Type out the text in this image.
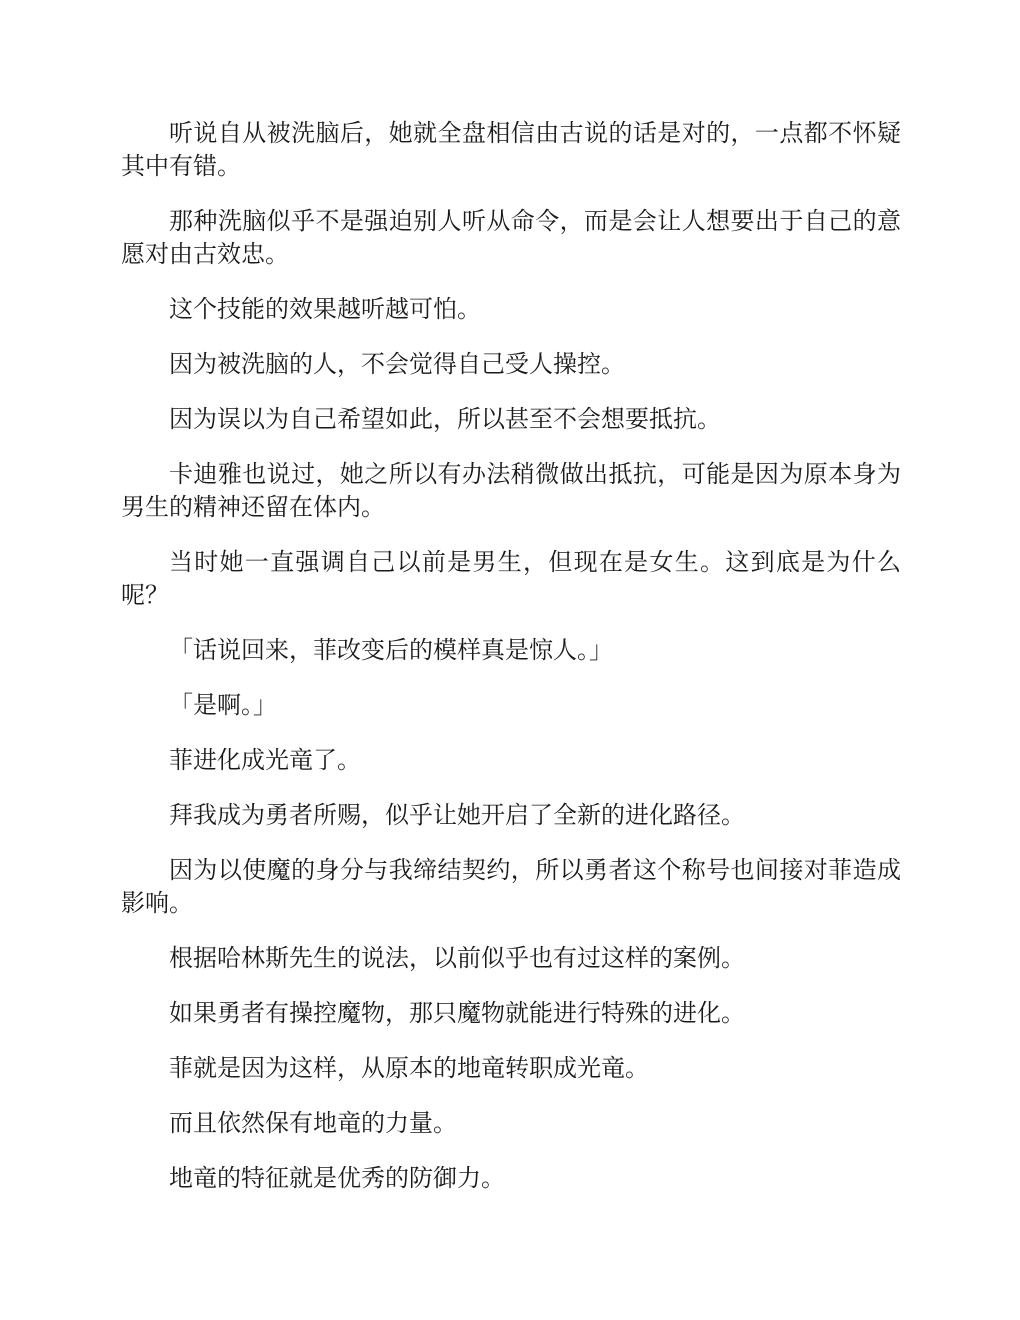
听说自从被洗脑后，她就全盘相信由古说的话是对的，一点都不怀疑其中有错。

那种洗脑似乎不是强迫别人听从命令，而是会让人想要出于自己的意愿对由古效忠。

这个技能的效果越听越可怕。

因为被洗脑的人，不会觉得自己受人操控。

因为误以为自己希望如此，所以甚至不会想要抵抗。

卡迪雅也说过，她之所以有办法稍微做出抵抗，可能是因为原本身为男生的精神还留在体内。

当时她一直强调自己以前是男生，但现在是女生。这到底是为什么呢？

「话说回来，菲改变后的模样真是惊人。」

「是啊。」

菲进化成光竜了。

拜我成为勇者所赐，似乎让她开启了全新的进化路径。

因为以使魔的身分与我缔结契约，所以勇者这个称号也间接对菲造成影响。

根据哈林斯先生的说法，以前似乎也有过这样的案例。

如果勇者有操控魔物，那只魔物就能进行特殊的进化。

菲就是因为这样，从原本的地竜转职成光竜。

而且依然保有地竜的力量。

地竜的特征就是优秀的防御力。
